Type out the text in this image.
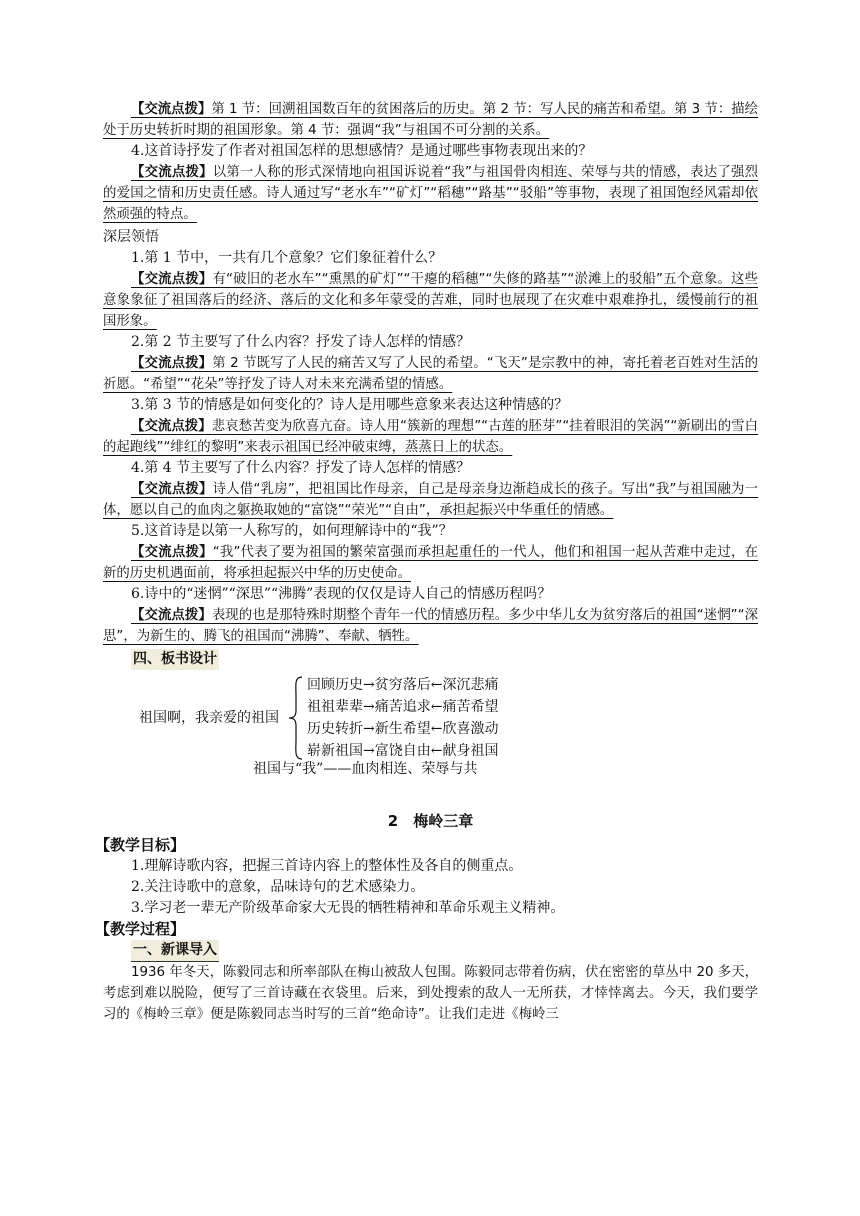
【交流点拨】第 1 节：回溯祖国数百年的贫困落后的历史。第 2 节：写人民的痛苦和希望。第 3 节：描绘处于历史转折时期的祖国形象。第 4 节：强调“我”与祖国不可分割的关系。

4.这首诗抒发了作者对祖国怎样的思想感情？是通过哪些事物表现出来的？

【交流点拨】以第一人称的形式深情地向祖国诉说着“我”与祖国骨肉相连、荣辱与共的情感，表达了强烈的爱国之情和历史责任感。诗人通过写“老水车”“矿灯”“稻穗”“路基”“驳船”等事物，表现了祖国饱经风霜却依然顽强的特点。

深层领悟

1.第 1 节中，一共有几个意象？它们象征着什么？

【交流点拨】有“破旧的老水车”“熏黑的矿灯”“干瘪的稻穗”“失修的路基”“淤滩上的驳船”五个意象。这些意象象征了祖国落后的经济、落后的文化和多年蒙受的苦难，同时也展现了在灾难中艰难挣扎，缓慢前行的祖国形象。

2.第 2 节主要写了什么内容？抒发了诗人怎样的情感？

【交流点拨】第 2 节既写了人民的痛苦又写了人民的希望。“飞天”是宗教中的神，寄托着老百姓对生活的祈愿。“希望”“花朵”等抒发了诗人对未来充满希望的情感。

3.第 3 节的情感是如何变化的？诗人是用哪些意象来表达这种情感的？

【交流点拨】悲哀愁苦变为欣喜亢奋。诗人用“簇新的理想”“古莲的胚芽”“挂着眼泪的笑涡”“新刷出的雪白的起跑线”“绯红的黎明”来表示祖国已经冲破束缚，蒸蒸日上的状态。

4.第 4 节主要写了什么内容？抒发了诗人怎样的情感？

【交流点拨】诗人借“乳房”，把祖国比作母亲，自己是母亲身边渐趋成长的孩子。写出“我”与祖国融为一体，愿以自己的血肉之躯换取她的“富饶”“荣光”“自由”，承担起振兴中华重任的情感。

5.这首诗是以第一人称写的，如何理解诗中的“我”？

【交流点拨】“我”代表了要为祖国的繁荣富强而承担起重任的一代人，他们和祖国一起从苦难中走过，在新的历史机遇面前，将承担起振兴中华的历史使命。

6.诗中的“迷惘”“深思”“沸腾”表现的仅仅是诗人自己的情感历程吗？

【交流点拨】表现的也是那特殊时期整个青年一代的情感历程。多少中华儿女为贫穷落后的祖国“迷惘”“深思”，为新生的、腾飞的祖国而“沸腾”、奉献、牺牲。

四、板书设计
祖国啊，我亲爱的祖国
回顾历史→贫穷落后←深沉悲痛
祖祖辈辈→痛苦追求←痛苦希望
历史转折→新生希望←欣喜激动
崭新祖国→富饶自由←献身祖国
祖国与“我”——血肉相连、荣辱与共
2　梅岭三章

【教学目标】

1.理解诗歌内容，把握三首诗内容上的整体性及各自的侧重点。

2.关注诗歌中的意象，品味诗句的艺术感染力。

3.学习老一辈无产阶级革命家大无畏的牺牲精神和革命乐观主义精神。

【教学过程】

一、新课导入

1936 年冬天，陈毅同志和所率部队在梅山被敌人包围。陈毅同志带着伤病，伏在密密的草丛中 20 多天，考虑到难以脱险，便写了三首诗藏在衣袋里。后来，到处搜索的敌人一无所获，才悻悻离去。今天，我们要学习的《梅岭三章》便是陈毅同志当时写的三首“绝命诗”。让我们走进《梅岭三
